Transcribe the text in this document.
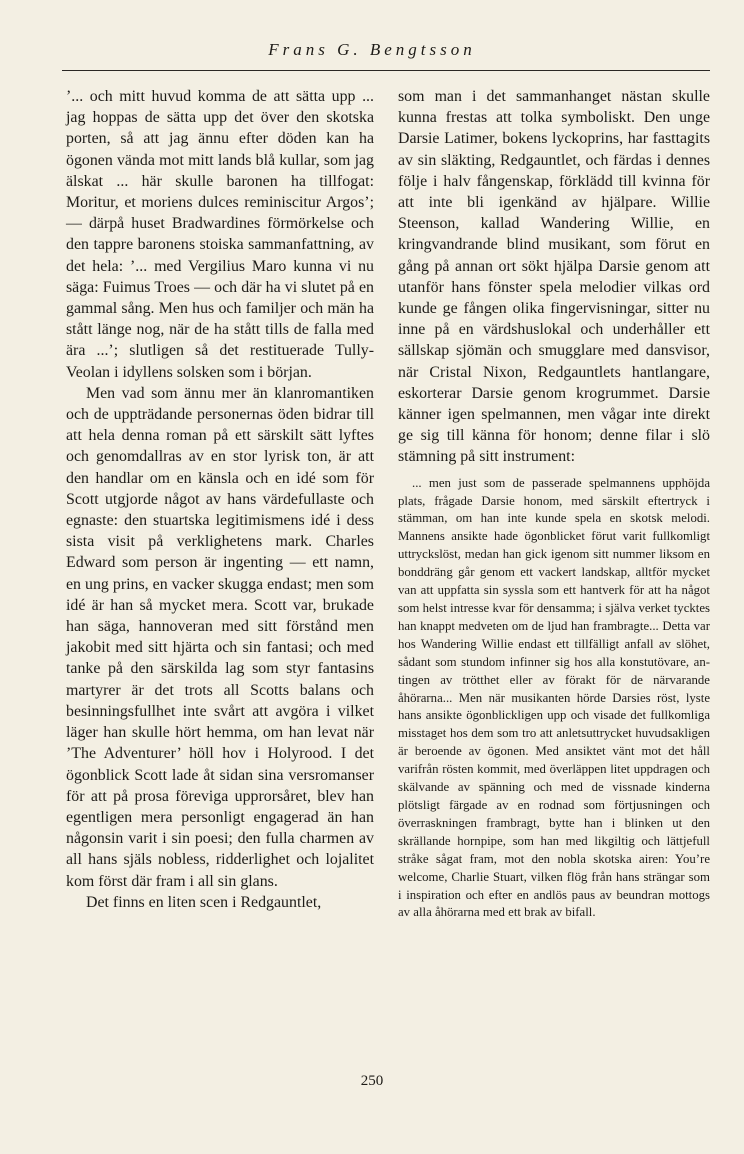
Frans G. Bengtsson

’... och mitt huvud komma de att sätta upp ... jag hoppas de sätta upp det över den skotska porten, så att jag ännu efter döden kan ha ögonen vända mot mitt lands blå kullar, som jag älskat ... här skulle baronen ha tillfogat: Moritur, et moriens dulces reminiscitur Argos’; — därpå huset Bradwardines förmörkelse och den tappre baronens stoiska sammanfattning, av det hela: ’... med Vergilius Maro kunna vi nu säga: Fuimus Troes — och där ha vi slutet på en gammal sång. Men hus och familjer och män ha stått länge nog, när de ha stått tills de falla med ära ...’; slutligen så det restituerade Tully-Veolan i idyllens solsken som i början.

Men vad som ännu mer än klanromantiken och de uppträdande personernas öden bidrar till att hela denna roman på ett särskilt sätt lyftes och genomdallras av en stor lyrisk ton, är att den handlar om en känsla och en idé som för Scott utgjorde något av hans värdefullaste och egnaste: den stuartska legitimismens idé i dess sista visit på verklighetens mark. Charles Edward som person är ingenting — ett namn, en ung prins, en vacker skugga endast; men som idé är han så mycket mera. Scott var, brukade han säga, hannoveran med sitt förstånd men jakobit med sitt hjärta och sin fantasi; och med tanke på den särskilda lag som styr fantasins martyrer är det trots all Scotts balans och besinningsfullhet inte svårt att avgöra i vilket läger han skulle hört hemma, om han levat när ’The Adventurer’ höll hov i Holyrood. I det ögonblick Scott lade åt sidan sina versromanser för att på prosa föreviga upprorsåret, blev han egentligen mera personligt engagerad än han någonsin varit i sin poesi; den fulla charmen av all hans själs nobless, ridderlighet och lojalitet kom först där fram i all sin glans.

Det finns en liten scen i Redgauntlet,

som man i det sammanhanget nästan skulle kunna frestas att tolka symboliskt. Den unge Darsie Latimer, bokens lyckoprins, har fasttagits av sin släkting, Redgauntlet, och färdas i dennes följe i halv fångenskap, förklädd till kvinna för att inte bli igenkänd av hjälpare. Willie Steenson, kallad Wandering Willie, en kringvandrande blind musikant, som förut en gång på annan ort sökt hjälpa Darsie genom att utanför hans fönster spela melodier vilkas ord kunde ge fången olika fingervisningar, sitter nu inne på en värdshuslokal och underhåller ett sällskap sjömän och smugglare med dansvisor, när Cristal Nixon, Redgauntlets hantlangare, eskorterar Darsie genom krogrummet. Darsie känner igen spelmannen, men vågar inte direkt ge sig till känna för honom; denne filar i slö stämning på sitt instrument:

... men just som de passerade spelmannens upphöjda plats, frågade Darsie honom, med särskilt eftertryck i stämman, om han inte kunde spela en skotsk melodi. Mannens ansikte hade ögonblicket förut varit fullkomligt uttryckslöst, medan han gick igenom sitt nummer liksom en bonddräng går genom ett vackert landskap, alltför mycket van att uppfatta sin syssla som ett hantverk för att ha något som helst intresse kvar för densamma; i själva verket tycktes han knappt medveten om de ljud han frambragte... Detta var hos Wandering Willie endast ett tillfälligt anfall av slöhet, sådant som stundom infinner sig hos alla konstutövare, antingen av trötthet eller av förakt för de närvarande åhörarna... Men när musikanten hörde Darsies röst, lyste hans ansikte ögonblickligen upp och visade det fullkomliga misstaget hos dem som tro att anletsuttrycket huvudsakligen är beroende av ögonen. Med ansiktet vänt mot det håll varifrån rösten kommit, med överläppen litet uppdragen och skälvande av spänning och med de vissnade kinderna plötsligt färgade av en rodnad som förtjusningen och överraskningen frambragt, bytte han i blinken ut den skrällande hornpipe, som han med likgiltig och lättjefull stråke sågat fram, mot den nobla skotska airen: You’re welcome, Charlie Stuart, vilken flög från hans strängar som i inspiration och efter en andlös paus av beundran mottogs av alla åhörarna med ett brak av bifall.

250
